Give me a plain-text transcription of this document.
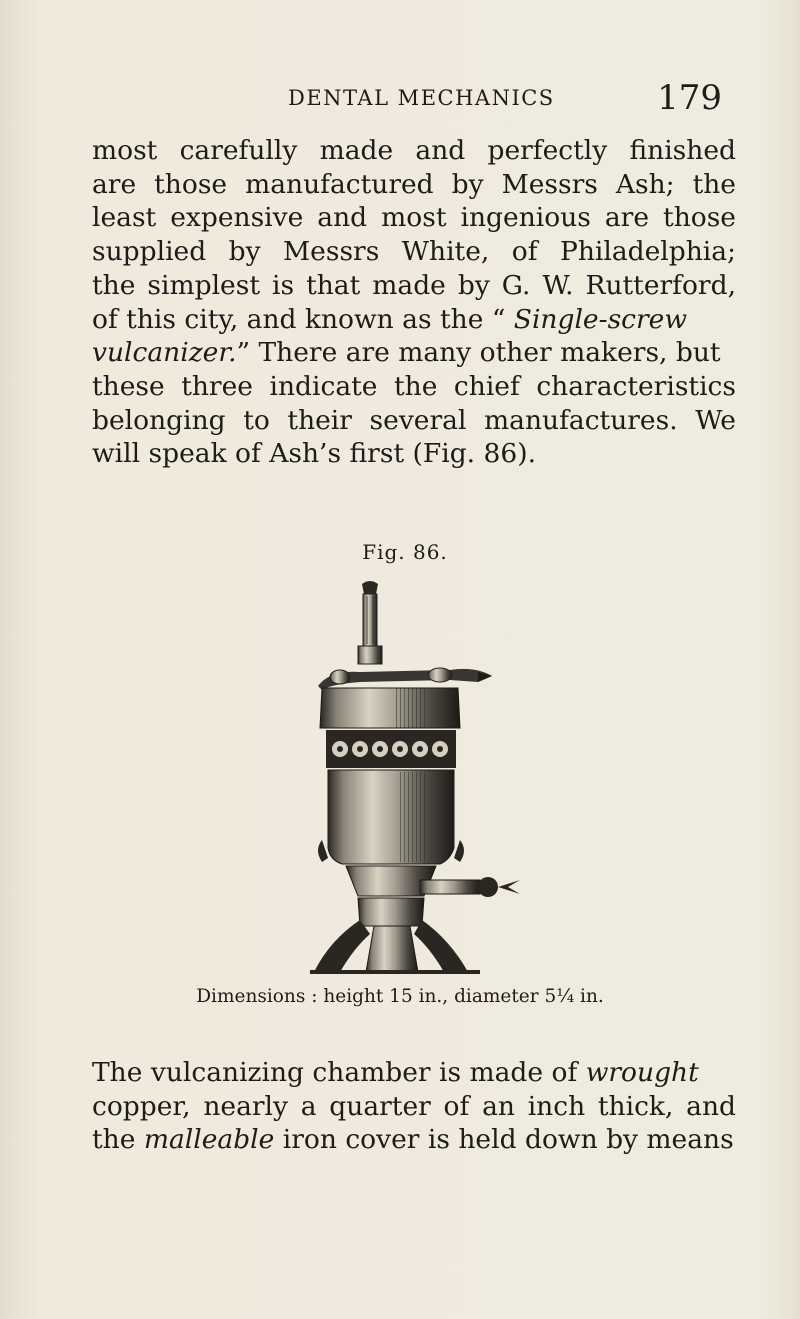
DENTAL MECHANICS	179
most carefully made and perfectly finished
are those manufactured by Messrs Ash; the
least expensive and most ingenious are those
supplied by Messrs White, of Philadelphia;
the simplest is that made by G. W. Rutterford,
of this city, and known as the “ Single-screw
vulcanizer.” There are many other makers, but
these three indicate the chief characteristics
belonging to their several manufactures. We
will speak of Ash’s first (Fig. 86).
Fig. 86.
Dimensions : height 15 in., diameter 5¼ in.
The vulcanizing chamber is made of wrought
copper, nearly a quarter of an inch thick, and
the malleable iron cover is held down by means
